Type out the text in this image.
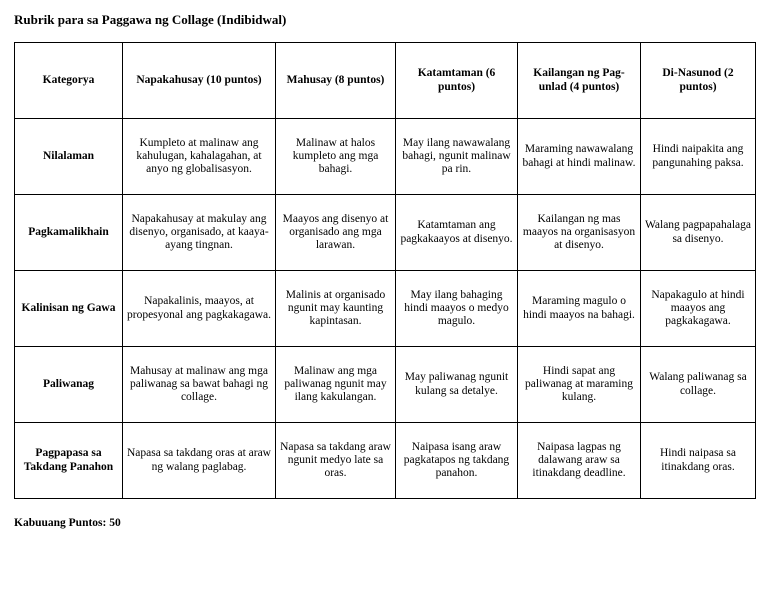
Rubrik para sa Paggawa ng Collage (Indibidwal)
Kategorya	Napakahusay (10 puntos)	Mahusay (8 puntos)	Katamtaman (6 puntos)	Kailangan ng Pag-unlad (4 puntos)	Di-Nasunod (2 puntos)
Nilalaman	Kumpleto at malinaw ang kahulugan, kahalagahan, at anyo ng globalisasyon.	Malinaw at halos kumpleto ang mga bahagi.	May ilang nawawalang bahagi, ngunit malinaw pa rin.	Maraming nawawalang bahagi at hindi malinaw.	Hindi naipakita ang pangunahing paksa.
Pagkamalikhain	Napakahusay at makulay ang disenyo, organisado, at kaaya-ayang tingnan.	Maayos ang disenyo at organisado ang mga larawan.	Katamtaman ang pagkakaayos at disenyo.	Kailangan ng mas maayos na organisasyon at disenyo.	Walang pagpapahalaga sa disenyo.
Kalinisan ng Gawa	Napakalinis, maayos, at propesyonal ang pagkakagawa.	Malinis at organisado ngunit may kaunting kapintasan.	May ilang bahaging hindi maayos o medyo magulo.	Maraming magulo o hindi maayos na bahagi.	Napakagulo at hindi maayos ang pagkakagawa.
Paliwanag	Mahusay at malinaw ang mga paliwanag sa bawat bahagi ng collage.	Malinaw ang mga paliwanag ngunit may ilang kakulangan.	May paliwanag ngunit kulang sa detalye.	Hindi sapat ang paliwanag at maraming kulang.	Walang paliwanag sa collage.
Pagpapasa sa Takdang Panahon	Napasa sa takdang oras at araw ng walang paglabag.	Napasa sa takdang araw ngunit medyo late sa oras.	Naipasa isang araw pagkatapos ng takdang panahon.	Naipasa lagpas ng dalawang araw sa itinakdang deadline.	Hindi naipasa sa itinakdang oras.
Kabuuang Puntos: 50
